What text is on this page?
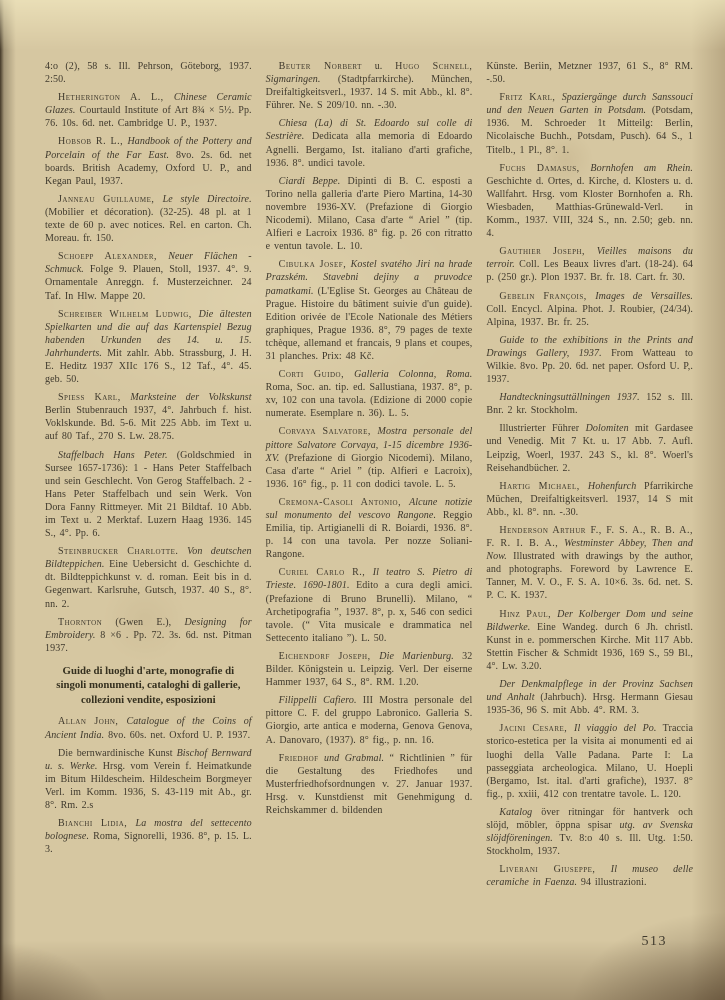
4:o (2), 58 s. Ill. Pehrson, Göteborg, 1937. 2:50.

Hetherington A. L., Chinese Ceramic Glazes. Courtauld Institute of Art 8¾ × 5½. Pp. 76. 10s. 6d. net. Cambridge U. P., 1937.

Hobsob R. L., Handbook of the Pottery and Porcelain of the Far East. 8vo. 2s. 6d. net boards. British Academy, Oxford U. P., and Kegan Paul, 1937.

Janneau Guillaume, Le style Directoire. (Mobilier et décoration). (32-25). 48 pl. at 1 texte de 60 p. avec notices. Rel. en carton. Ch. Moreau. fr. 150.

Schoepp Alexander, Neuer Flächen - Schmuck. Folge 9. Plauen, Stoll, 1937. 4°. 9. Ornamentale Anreggn. f. Musterzeichner. 24 Taf. In Hlw. Mappe 20.

Schreiber Wilhelm Ludwig, Die ältesten Spielkarten und die auf das Kartenspiel Bezug habenden Urkunden des 14. u. 15. Jahrhunderts. Mit zahlr. Abb. Strassburg, J. H. E. Heditz 1937 XIIc 176 S., 12 Taf., 4°. 45. geb. 50.

Spiess Karl, Marksteine der Volkskunst Berlin Stubenrauch 1937, 4°. Jahrbuch f. hist. Voklskunde. Bd. 5-6. Mit 225 Abb. im Text u. auf 80 Taf., 270 S. Lw. 28.75.

Staffelbach Hans Peter. (Goldschmied in Sursee 1657-1736): 1 - Hans Peter Staffelbach und sein Geschlecht. Von Gerog Staffelbach. 2 - Hans Peter Staffelbach und sein Werk. Von Dora Fanny Rittmeyer. Mit 21 Bildtaf. 10 Abb. im Text u. 2 Merktaf. Luzern Haag 1936. 145 S., 4°. Pp. 6.

Steinbrucker Charlotte. Von deutschen Bildteppichen. Eine Uebersicht d. Geschichte d. dt. Bildteppichkunst v. d. roman. Eeit bis in d. Gegenwart. Karlsruhe, Gutsch, 1937. 40 S., 8°. nn. 2.

Thornton (Gwen E.), Designing for Embroidery. 8 ×6 . Pp. 72. 3s. 6d. nst. Pitman 1937.

Guide di luoghi d'arte, monografie di singoli monumenti, cataloghi di gallerie, collezioni vendite, esposizioni

Allan John, Catalogue of the Coins of Ancient India. 8vo. 60s. net. Oxford U. P. 1937.

Die bernwardinische Kunst Bischof Bernward u. s. Werke. Hrsg. vom Verein f. Heimatkunde im Bitum Hildescheim. Hildescheim Borgmeyer Verl. im Komm. 1936, S. 43-119 mit Ab., gr. 8°. Rm. 2.s

Bianchi Lidia, La mostra del settecento bolognese. Roma, Signorelli, 1936. 8°, p. 15. L. 3.

Beuter Norbert u. Hugo Schnell, Sigmaringen. (Stadtpfarrkirche). München, Dreifaltigkeitsverl., 1937. 14 S. mit Abb., kl. 8°. Führer. Ne. S 209/10. nn. -.30.

Chiesa (La) di St. Edoardo sul colle di Sestrière. Dedicata alla memoria di Edoardo Agnelli. Bergamo, Ist. italiano d'arti grafiche, 1936. 8°. undici tavole.

Ciardi Beppe. Dipinti di B. C. esposti a Torino nella galleria d'arte Piero Martina, 14-30 novembre 1936-XV. (Prefazione di Giorgio Nicodemi). Milano, Casa d'arte “ Ariel ” (tip. Alfieri e Lacroix 1936. 8° fig. p. 26 con ritratto e ventun tavole. L. 10.

Cibulka Josef, Kostel svatého Jiri na hrade Prazském. Stavebni dejiny a pruvodce pamatkami. (L'Eglise St. Georges au Château de Prague. Histoire du bâtiment suivie d'un guide). Edition orivée de l'Ecole Nationale des Métiers graphiques, Prague 1936. 8°, 79 pages de texte tchèque, allemand et francais, 9 plans et coupes, 31 planches. Prix: 48 Kč.

Corti Guido, Galleria Colonna, Roma. Roma, Soc. an. tip. ed. Sallustiana, 1937. 8°, p. xv, 102 con una tavola. (Edizione di 2000 copie numerate. Esemplare n. 36). L. 5.

Corvaya Salvatore, Mostra personale del pittore Salvatore Corvaya, 1-15 dicembre 1936-XV. (Prefazione di Giorgio Nicodemi). Milano, Casa d'arte “ Ariel ” (tip. Alfieri e Lacroix), 1936. 16° fig., p. 11 con dodici tavole. L. 5.

Cremona-Casoli Antonio, Alcune notizie sul monumento del vescovo Rangone. Reggio Emilia, tip. Artigianelli di R. Boiardi, 1936. 8°. p. 14 con una tavola. Per nozze Soliani-Rangone.

Curiel Carlo R., Il teatro S. Pietro di Trieste. 1690-1801. Edito a cura degli amici. (Prefazione di Bruno Brunelli). Milano, “ Archetipografia ”, 1937. 8°, p. x, 546 con sedici tavole. (“ Vita musicale e drammatica nel Settecento italiano ”). L. 50.

Eichendorf Joseph, Die Marienburg. 32 Bilder. Königstein u. Leipzig. Verl. Der eiserne Hammer 1937, 64 S., 8°. RM. 1.20.

Filippelli Cafiero. III Mostra personale del pittore C. F. del gruppo Labronico. Galleria S. Giorgio, arte antica e moderna, Genova Genova, A. Danovaro, (1937). 8° fig., p. nn. 16.

Friedhof und Grabmal. “ Richtlinien ” für die Gestaltung des Friedhofes und Musterfriedhofsordnungen v. 27. Januar 1937. Hrsg. v. Kunstdienst mit Genehmigung d. Reichskammer d. bildenden

Künste. Beriin, Metzner 1937, 61 S., 8° RM. -.50.

Fritz Karl, Spaziergänge durch Sanssouci und den Neuen Garten in Potsdam. (Potsdam, 1936. M. Schroeder 1t Mitteilg: Berlin, Nicolaische Buchh., Potsdam, Pusch). 64 S., 1 Titelb., 1 Pl., 8°. 1.

Fuchs Damasus, Bornhofen am Rhein. Geschichte d. Ortes, d. Kirche, d. Klosters u. d. Wallfahrt. Hrsg. vom Kloster Bornhofen a. Rh. Wiesbaden, Matthias-Grünewald-Verl. in Komm., 1937. VIII, 324 S., nn. 2.50; geb. nn. 4.

Gauthier Joseph, Vieilles maisons du terroir. Coll. Les Beaux livres d'art. (18-24). 64 p. (250 gr.). Plon 1937. Br. fr. 18. Cart. fr. 30.

Gebelin François, Images de Versailles. Coll. Encycl. Alpina. Phot. J. Roubier, (24/34). Alpina, 1937. Br. fr. 25.

Guide to the exhibitions in the Prints and Drawings Gallery, 1937. From Watteau to Wilkie. 8vo. Pp. 20. 6d. net paper. Osford U. P,. 1937.

Handteckningsuttällningen 1937. 152 s. Ill. Bnr. 2 kr. Stockholm.

Illustrierter Führer Dolomiten mit Gardasee und Venedig. Mit 7 Kt. u. 17 Abb. 7. Aufl. Leipzig, Woerl, 1937. 243 S., kl. 8°. Woerl's Reisehandbücher. 2.

Hartig Michael, Hohenfurch Pfarrikirche Müchen, Dreifaltigkeitsverl. 1937, 14 S mit Abb., kl. 8°. nn. -.30.

Henderson Arthur F., F. S. A., R. B. A., F. R. I. B. A., Westminster Abbey, Then and Now. Illustrated with drawings by the author, and photographs. Foreword by Lawrence E. Tanner, M. V. O., F. S. A. 10×6. 3s. 6d. net. S. P. C. K. 1937.

Hinz Paul, Der Kolberger Dom und seine Bildwerke. Eine Wandeg. durch 6 Jh. christl. Kunst in e. pommerschen Kirche. Mit 117 Abb. Stettin Fischer & Schmidt 1936, 169 S., 59 Bl., 4°. Lw. 3.20.

Der Denkmalpflege in der Provinz Sachsen und Anhalt (Jahrbuch). Hrsg. Hermann Giesau 1935-36, 96 S. mit Abb. 4°. RM. 3.

Jacini Cesare, Il viaggio del Po. Traccia storico-estetica per la visita ai monumenti ed ai luoghi della Valle Padana. Parte I: La passeggiata archeologica. Milano, U. Hoepli (Bergamo, Ist. ital. d'arti grafiche), 1937. 8° fig., p. xxiii, 412 con trentatre tavole. L. 120.

Katalog över ritningar för hantverk och slöjd, möbler, öppna spisar utg. av Svenska slöjdföreningen. Tv. 8:o 40 s. Ill. Utg. 1:50. Stockholm, 1937.

Liverani Giuseppe, Il museo delle ceramiche in Faenza. 94 illustrazioni.

513
